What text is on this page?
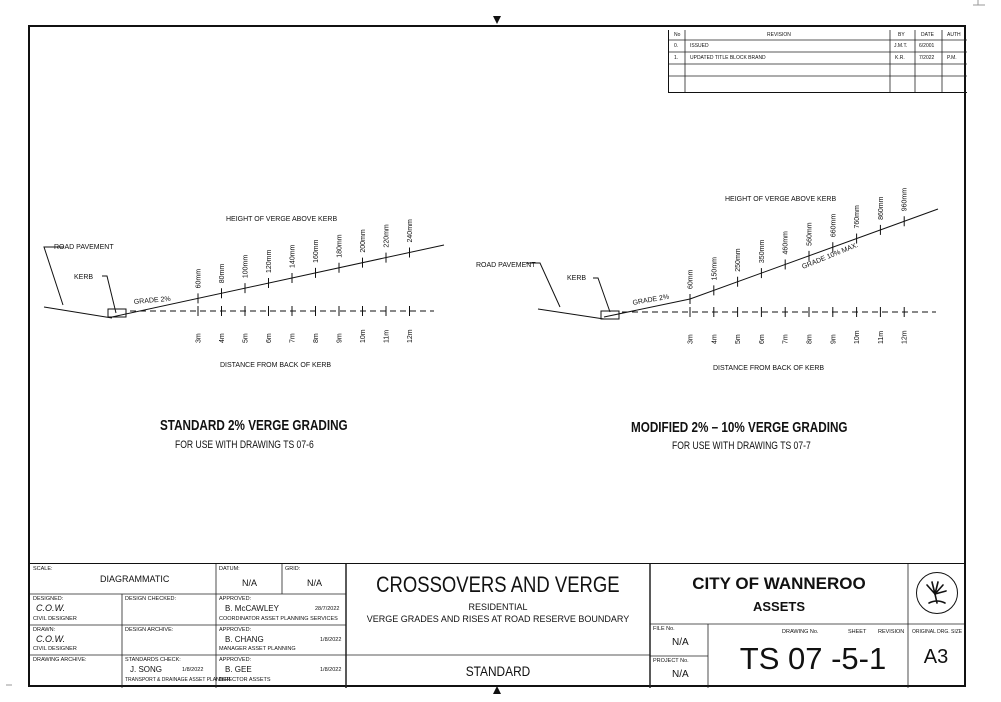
No	REVISION	BY	DATE	AUTH
0. ISSUED	J.M.T. 6/2001
1. UPDATED TITLE BLOCK BRAND	K.R.	7/2022	P.M.
HEIGHT OF VERGE ABOVE KERB
ROAD PAVEMENT
KERB
GRADE 2%
DISTANCE FROM BACK OF KERB
HEIGHT OF VERGE ABOVE KERB
ROAD PAVEMENT
KERB
GRADE 2%
GRADE 10% MAX.
DISTANCE FROM BACK OF KERB
60mm
3m
80mm
4m
100mm
5m
120mm
6m
140mm
7m
160mm
8m
180mm
9m
200mm
10m
220mm
11m
240mm
12m
60mm
3m
150mm
4m
250mm
5m
350mm
6m
460mm
7m
560mm
8m
660mm
9m
760mm
10m
860mm
11m
960mm
12m
STANDARD 2% VERGE GRADING
FOR USE WITH DRAWING TS 07-6
MODIFIED 2% – 10% VERGE GRADING
FOR USE WITH DRAWING TS 07-7
SCALE:
DIAGRAMMATIC
DATUM:
N/A
GRID:
N/A
DESIGNED:
C.O.W.
CIVIL DESIGNER
DESIGN CHECKED:	APPROVED:
B. McCAWLEY	28/7/2022
COORDINATOR ASSET PLANNING SERVICES
DRAWN:
C.O.W.
CIVIL DESIGNER
DESIGN ARCHIVE:	APPROVED:
B. CHANG	1/8/2022
MANAGER ASSET PLANNING
DRAWING ARCHIVE:	STANDARDS CHECK:
J. SONG	1/8/2022
TRANSPORT & DRAINAGE ASSET PLANNER
APPROVED:
B. GEE	1/8/2022
DIRECTOR ASSETS
CROSSOVERS AND VERGE
RESIDENTIAL
VERGE GRADES AND RISES AT ROAD RESERVE BOUNDARY
STANDARD
CITY OF WANNEROO
ASSETS
FILE No.
N/A
PROJECT No.
N/A
DRAWING No.	SHEET REVISION
TS 07 -5-1
ORIGINAL DRG. SIZE
A3
